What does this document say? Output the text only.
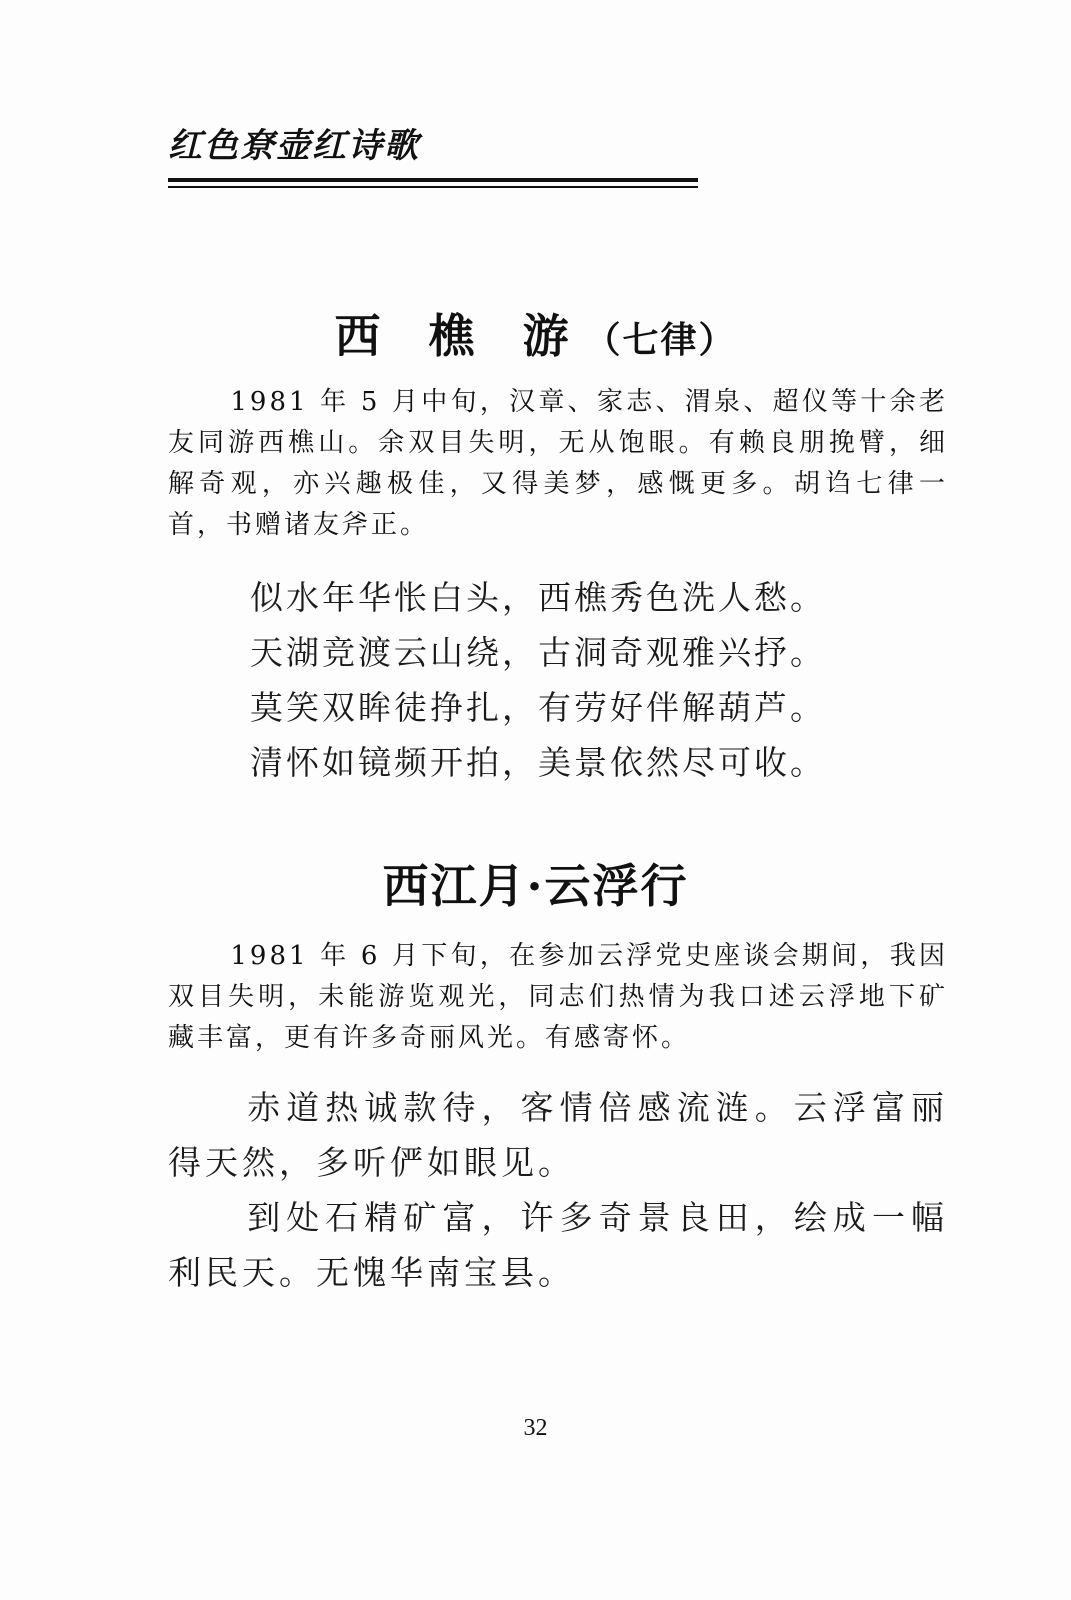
红色尞壶红诗歌
西 樵 游（七律）

1981 年 5 月中旬，汉章、家志、渭泉、超仪等十余老友同游西樵山。余双目失明，无从饱眼。有赖良朋挽臂，细解奇观，亦兴趣极佳，又得美梦，感慨更多。胡诌七律一首，书赠诸友斧正。

似水年华怅白头，西樵秀色洗人愁。
天湖竞渡云山绕，古洞奇观雅兴抒。
莫笑双眸徒挣扎，有劳好伴解葫芦。
清怀如镜频开拍，美景依然尽可收。
西江月·云浮行

1981 年 6 月下旬，在参加云浮党史座谈会期间，我因双目失明，未能游览观光，同志们热情为我口述云浮地下矿藏丰富，更有许多奇丽风光。有感寄怀。

赤道热诚款待，客情倍感流涟。云浮富丽得天然，多听俨如眼见。

到处石精矿富，许多奇景良田，绘成一幅利民天。无愧华南宝县。

32
